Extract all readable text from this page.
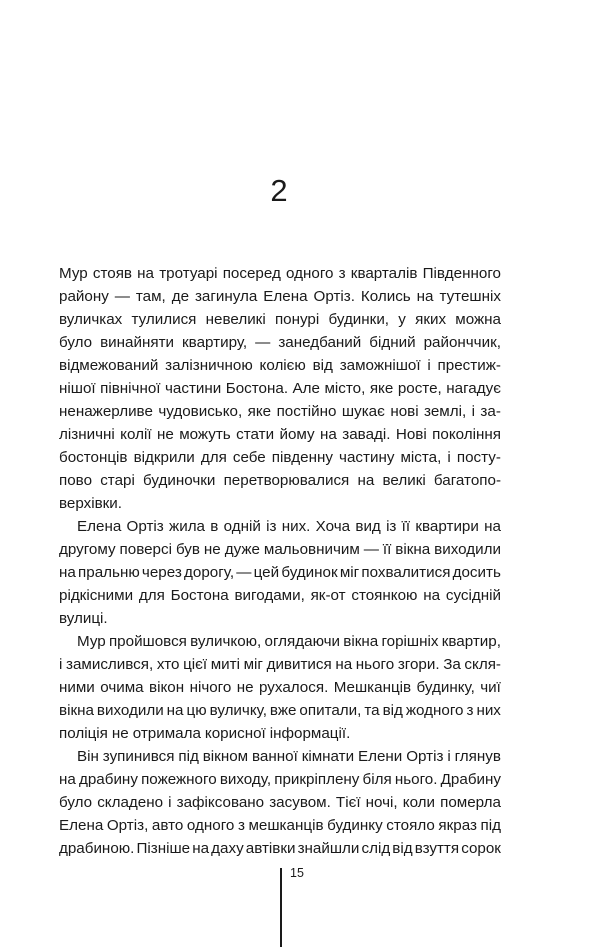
2
Мур стояв на тротуарі посеред одного з кварталів Південного
району — там, де загинула Елена Ортіз. Колись на тутешніх
вуличках тулилися невеликі понурі будинки, у яких можна
було винайняти квартиру, — занедбаний бідний районччик,
відмежований залізничною колією від заможнішої і престиж-
нішої північної частини Бостона. Але місто, яке росте, нагадує
ненажерливе чудовисько, яке постійно шукає нові землі, і за-
лізничні колії не можуть стати йому на заваді. Нові покоління
бостонців відкрили для себе південну частину міста, і посту-
пово старі будиночки перетворювалися на великі багатопо-
верхівки.
Елена Ортіз жила в одній із них. Хоча вид із її квартири на
другому поверсі був не дуже мальовничим — її вікна виходили
на пральню через дорогу, — цей будинок міг похвалитися досить
рідкісними для Бостона вигодами, як-от стоянкою на сусідній
вулиці.
Мур пройшовся вуличкою, оглядаючи вікна горішніх квартир,
і замислився, хто цієї миті міг дивитися на нього згори. За скля-
ними очима вікон нічого не рухалося. Мешканців будинку, чиї
вікна виходили на цю вуличку, вже опитали, та від жодного з них
поліція не отримала корисної інформації.
Він зупинився під вікном ванної кімнати Елени Ортіз і глянув
на драбину пожежного виходу, прикріплену біля нього. Драбину
було складено і зафіксовано засувом. Тієї ночі, коли померла
Елена Ортіз, авто одного з мешканців будинку стояло якраз під
драбиною. Пізніше на даху автівки знайшли слід від взуття сорок
15
